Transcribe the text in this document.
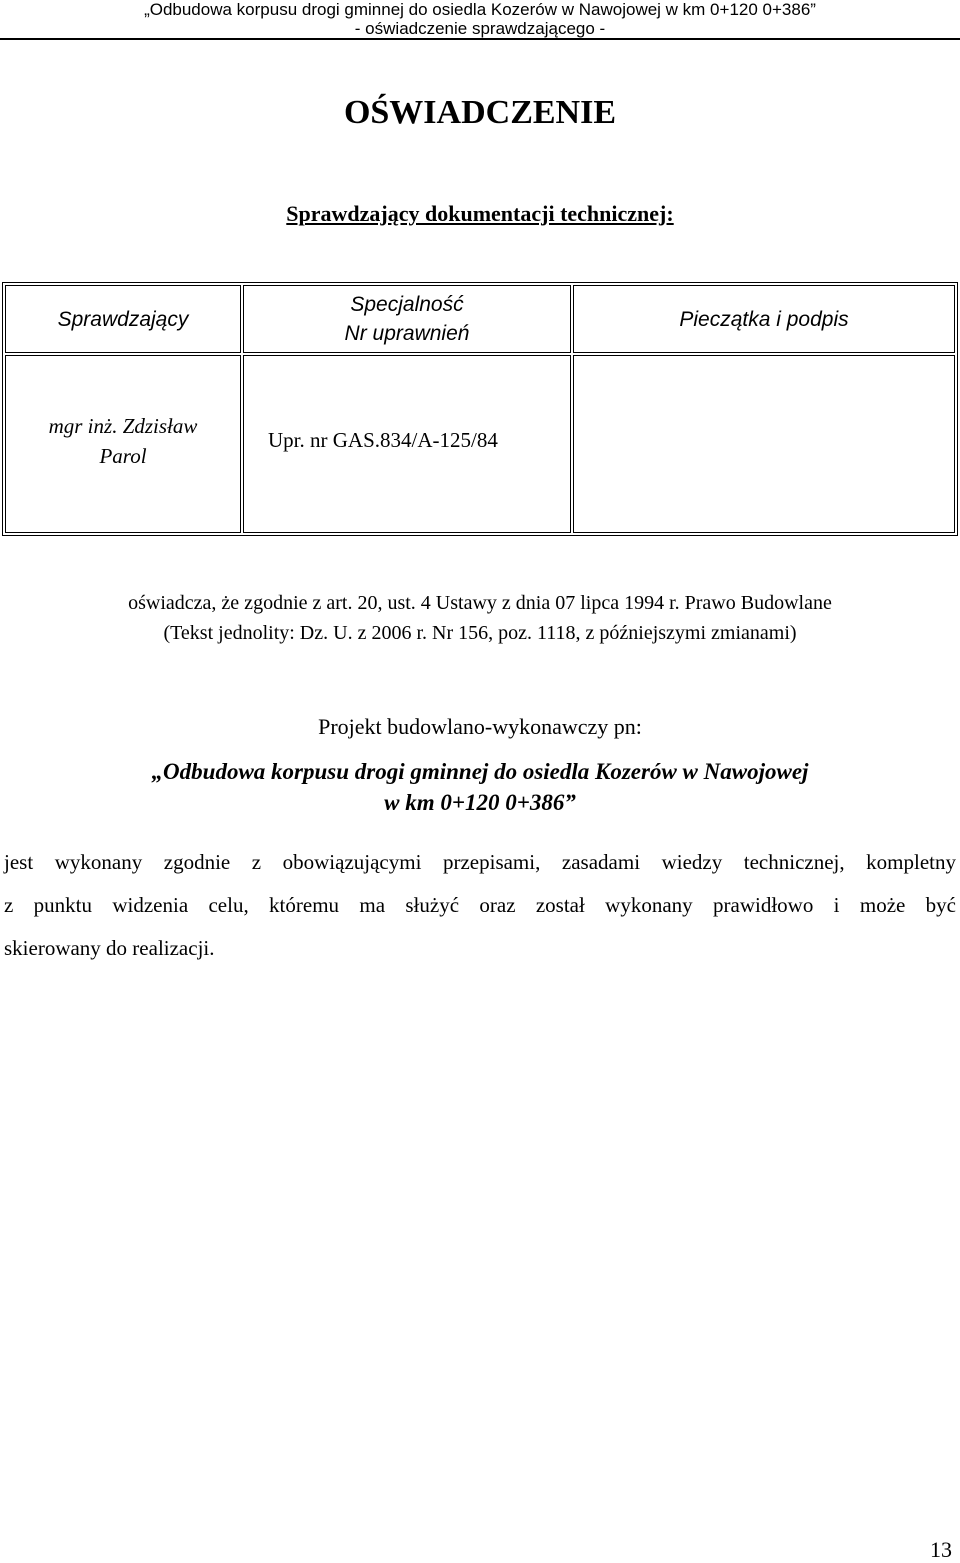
„Odbudowa korpusu drogi gminnej do osiedla Kozerów w Nawojowej w km 0+120 0+386”
- oświadczenie sprawdzającego -
OŚWIADCZENIE
Sprawdzający dokumentacji technicznej:
Sprawdzający
Specjalność
Nr uprawnień
Pieczątka i podpis
mgr inż. Zdzisław
Parol
Upr. nr GAS.834/A-125/84
oświadcza, że zgodnie z art. 20, ust. 4 Ustawy z dnia 07 lipca 1994 r. Prawo Budowlane
(Tekst jednolity: Dz. U. z 2006 r. Nr 156, poz. 1118, z późniejszymi zmianami)
Projekt budowlano-wykonawczy pn:
„Odbudowa korpusu drogi gminnej do osiedla Kozerów w Nawojowej
w km 0+120 0+386”
jest wykonany zgodnie z obowiązującymi przepisami, zasadami wiedzy technicznej, kompletny
z punktu widzenia celu, któremu ma służyć oraz został wykonany prawidłowo i może być
skierowany do realizacji.
13
